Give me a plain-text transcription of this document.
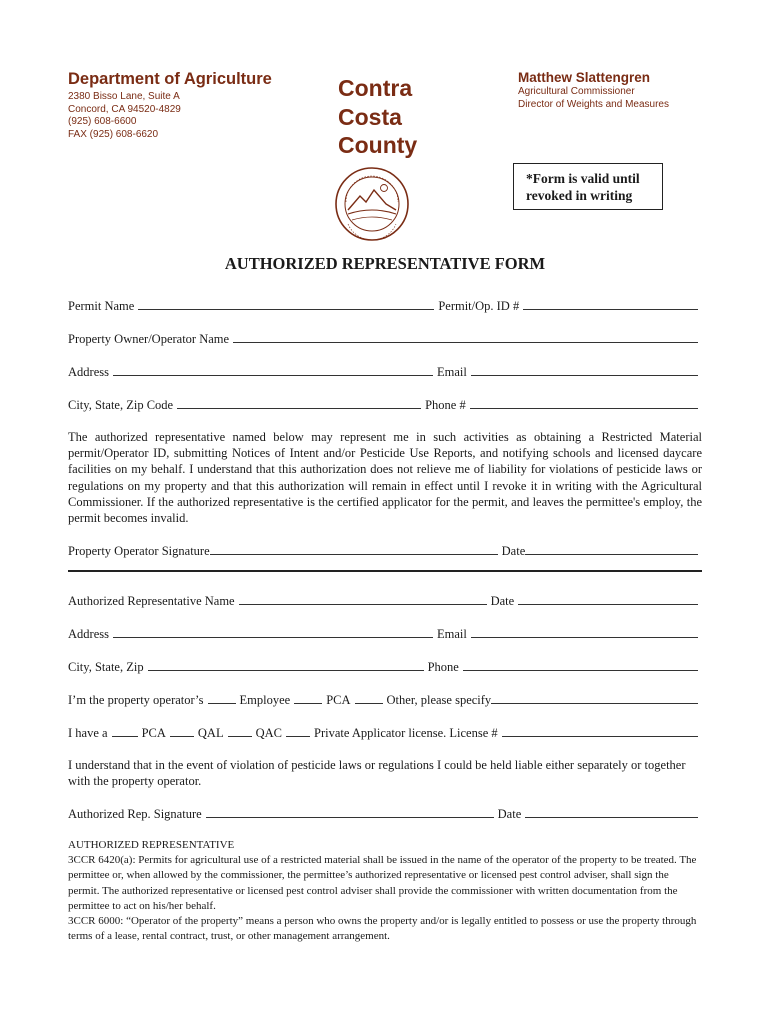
Department of Agriculture
2380 Bisso Lane, Suite A
Concord, CA 94520-4829
(925) 608-6600
FAX (925) 608-6620
Contra
Costa
County
Matthew Slattengren
Agricultural Commissioner
Director of Weights and Measures
*Form is valid until
revoked in writing
AUTHORIZED REPRESENTATIVE FORM
Permit Name	Permit/Op. ID #
Property Owner/Operator Name
Address	Email
City, State, Zip Code	Phone #
The authorized representative named below may represent me in such activities as obtaining a Restricted Material permit/Operator ID, submitting Notices of Intent and/or Pesticide Use Reports, and notifying schools and licensed daycare facilities on my behalf. I understand that this authorization does not relieve me of liability for violations of pesticide laws or regulations on my property and that this authorization will remain in effect until I revoke it in writing with the Agricultural Commissioner. If the authorized representative is the certified applicator for the permit, and leaves the permittee's employ, the permit becomes invalid.
Property Operator Signature	Date
Authorized Representative Name	Date
Address	Email
City, State, Zip	Phone
I’m the property operator’s	Employee	PCA	Other, please specify
I have a	PCA	QAL	QAC	Private Applicator license. License #
I understand that in the event of violation of pesticide laws or regulations I could be held liable either separately or together with the property operator.
Authorized Rep. Signature	Date
AUTHORIZED REPRESENTATIVE
3CCR 6420(a): Permits for agricultural use of a restricted material shall be issued in the name of the operator of the property to be treated. The permittee or, when allowed by the commissioner, the permittee’s authorized representative or licensed pest control adviser, shall sign the permit. The authorized representative or licensed pest control adviser shall provide the commissioner with written documentation from the permittee to act on his/her behalf.
3CCR 6000: “Operator of the property” means a person who owns the property and/or is legally entitled to possess or use the property through terms of a lease, rental contract, trust, or other management arrangement.
